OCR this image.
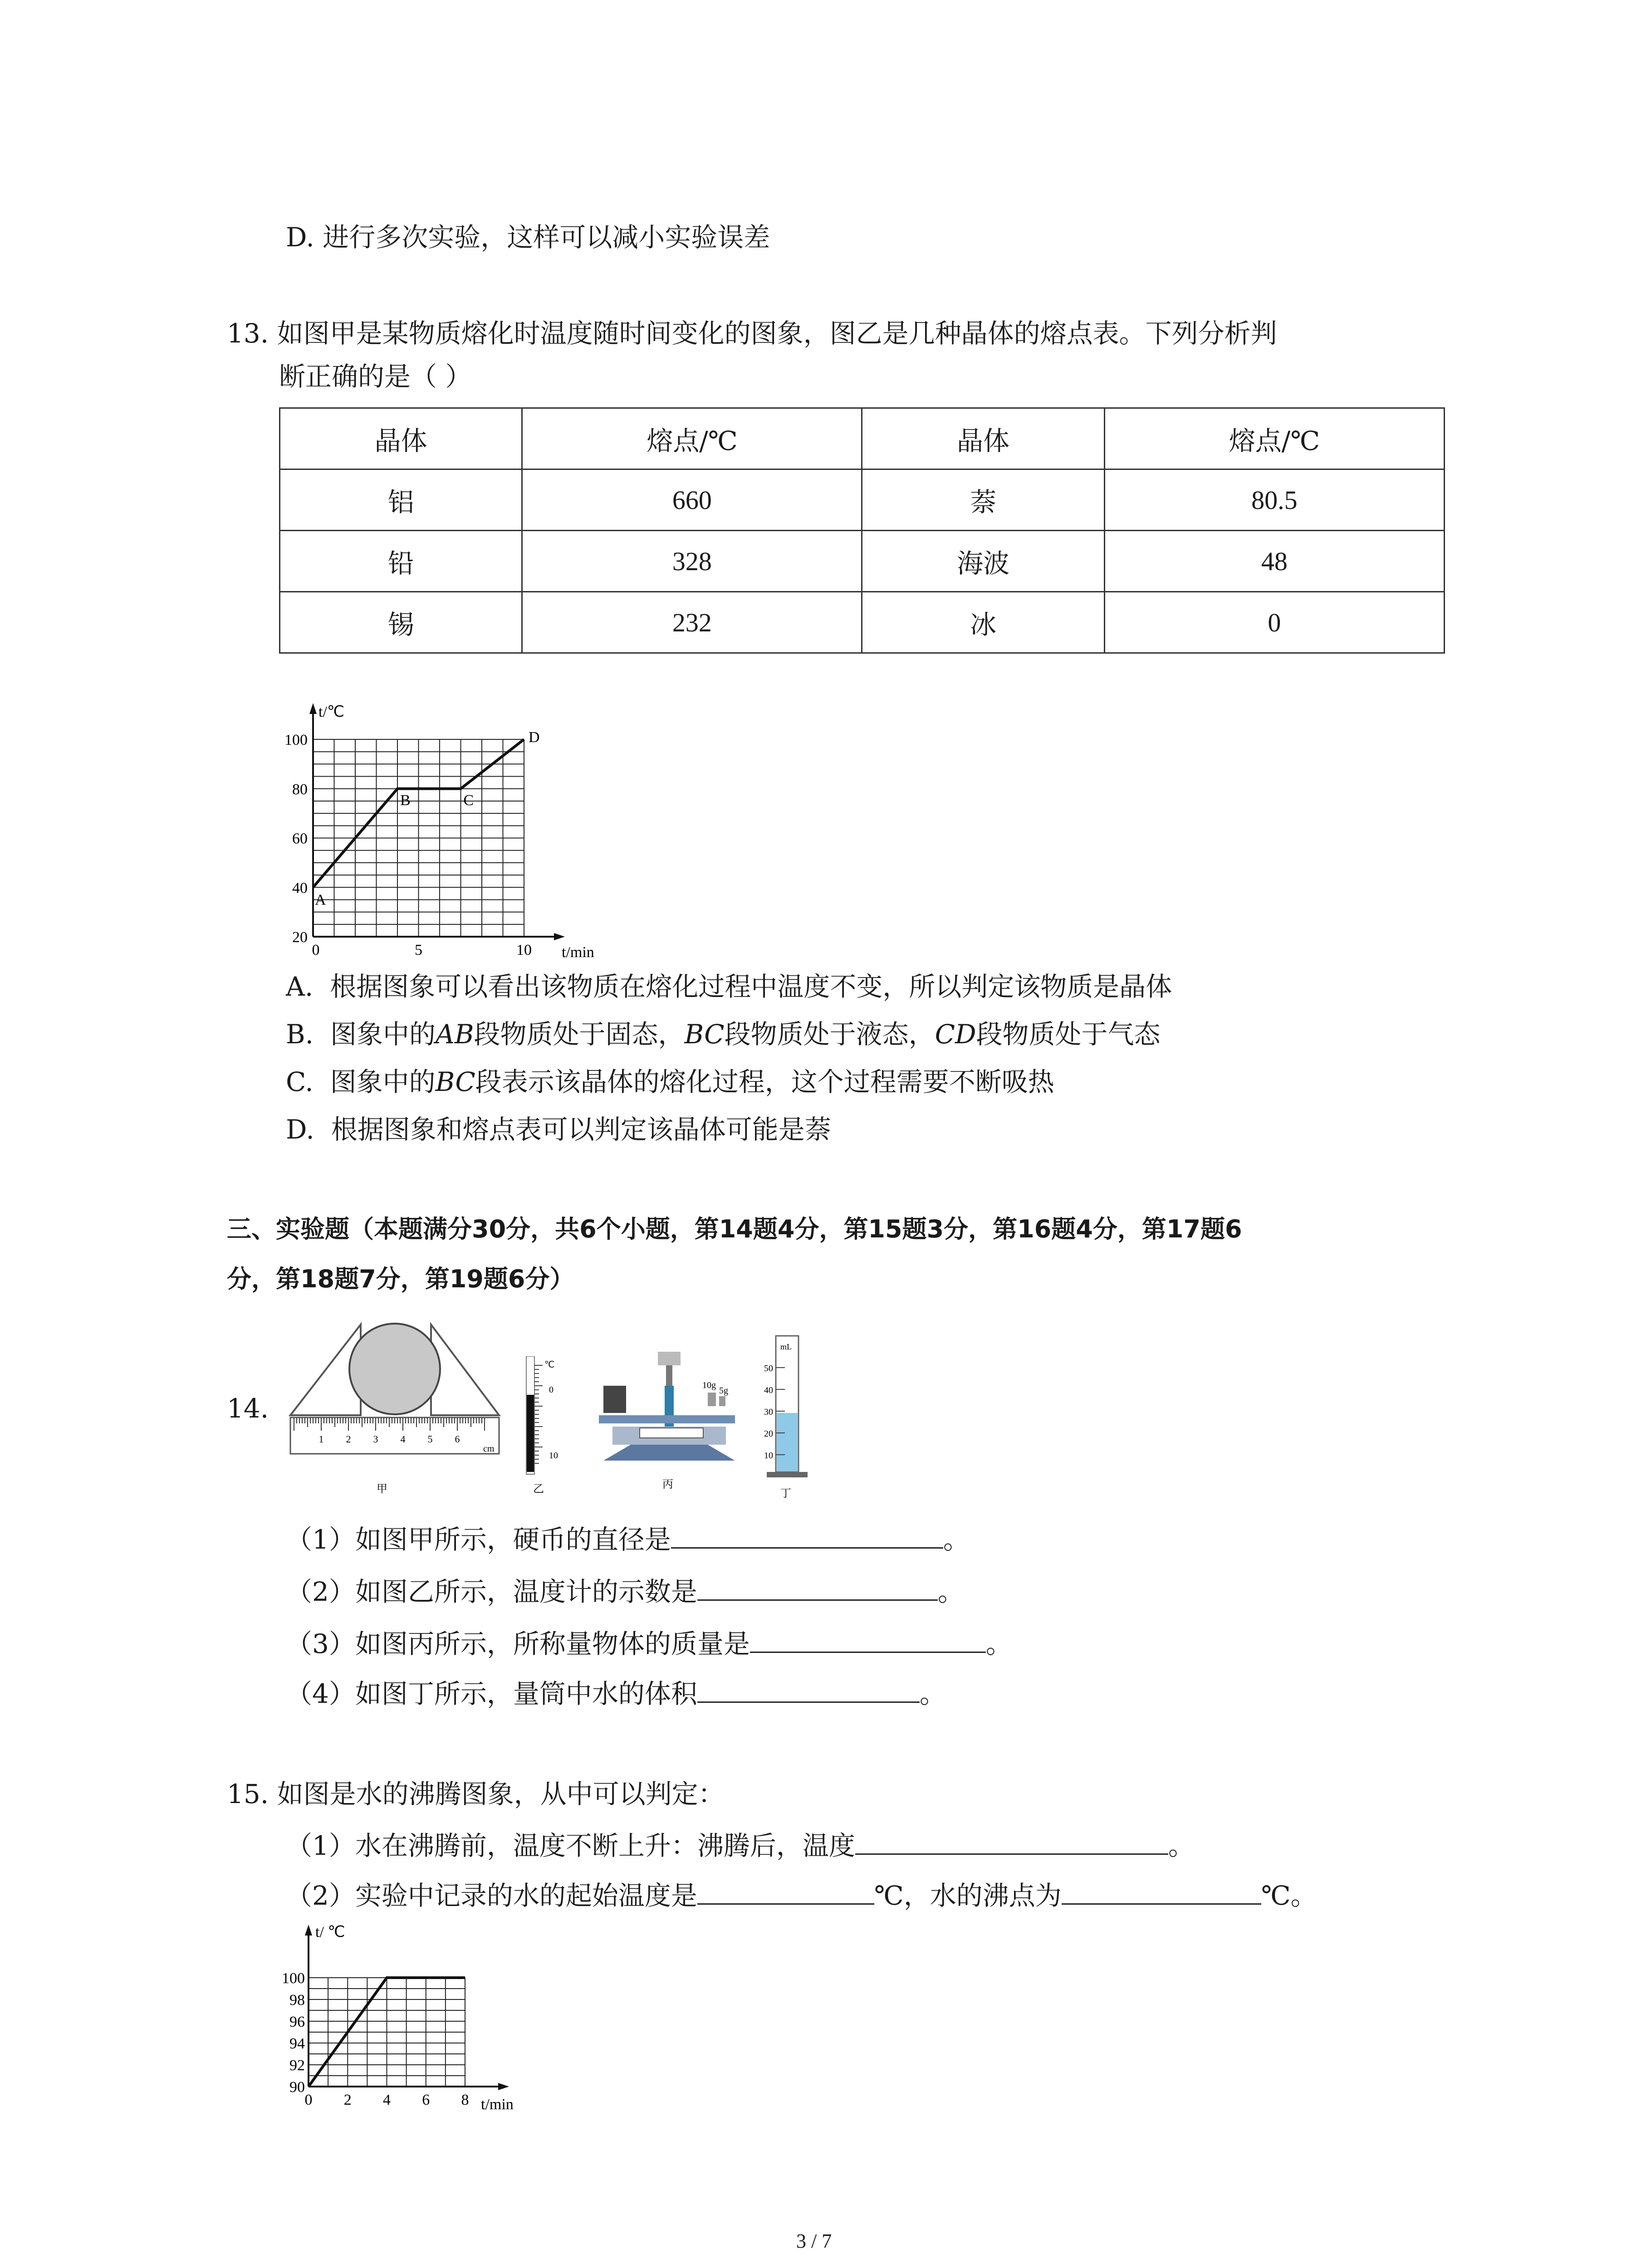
D. 进行多次实验，这样可以减小实验误差
13. 如图甲是某物质熔化时温度随时间变化的图象，图乙是几种晶体的熔点表。下列分析判
断正确的是（ ）
晶体	熔点/℃	晶体	熔点/℃
铝	660	萘	80.5
铅	328	海波	48
锡	232	冰	0
t/℃
t/min
100
80
60
40
20
0	5	10
A
B	C
D
A. 根据图象可以看出该物质在熔化过程中温度不变，所以判定该物质是晶体
B. 图象中的AB段物质处于固态，BC段物质处于液态，CD段物质处于气态
C. 图象中的BC段表示该晶体的熔化过程，这个过程需要不断吸热
D. 根据图象和熔点表可以判定该晶体可能是萘
三、实验题（本题满分30分，共6个小题，第14题4分，第15题3分，第16题4分，第17题6
分，第18题7分，第19题6分）
14.
1 2 3 4 5 6
cm
甲
℃
0
10
乙
10g
5g
丙
50
40
30
20
10
mL
丁
（1）如图甲所示，硬币的直径是	。
（2）如图乙所示，温度计的示数是	。
（3）如图丙所示，所称量物体的质量是	。
（4）如图丁所示，量筒中水的体积	。
15. 如图是水的沸腾图象，从中可以判定：
（1）水在沸腾前，温度不断上升：沸腾后，温度	。
（2）实验中记录的水的起始温度是	℃，水的沸点为	℃。
t/ ℃
t/min
100
98
96
94
92
90
0 2 4 6 8
3 / 7
